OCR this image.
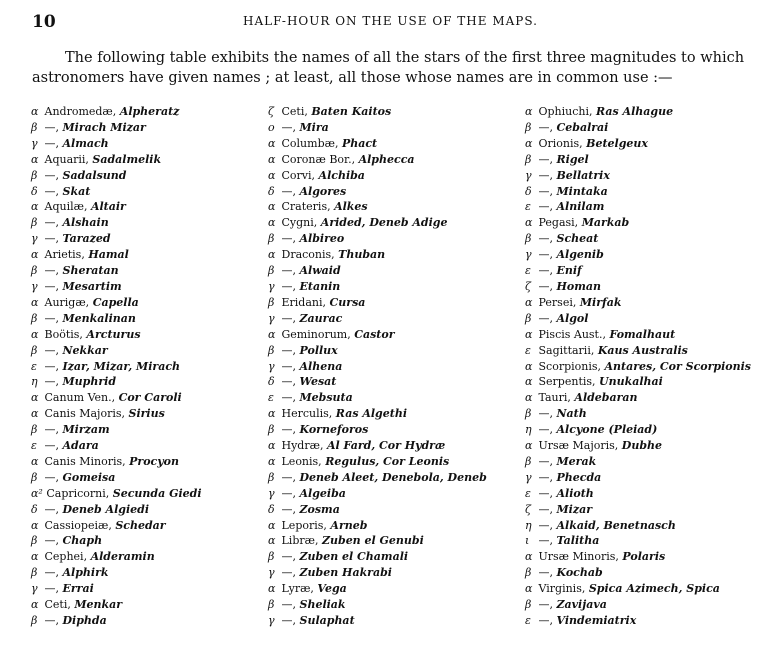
10	HALF-HOUR ON THE USE OF THE MAPS.

The following table exhibits the names of all the stars of the first three magnitudes to which astronomers have given names ; at least, all those whose names are in common use :—

α Andromedæ, Alpheratz
β —, Mirach Mizar
γ —, Almach
α Aquarii, Sadalmelik
β —, Sadalsund
δ —, Skat
α Aquilæ, Altair
β —, Alshain
γ —, Tarazed
α Arietis, Hamal
β —, Sheratan
γ —, Mesartim
α Aurigæ, Capella
β —, Menkalinan
α Boötis, Arcturus
β —, Nekkar
ε —, Izar, Mizar, Mirach
η —, Muphrid
α Canum Ven., Cor Caroli
α Canis Majoris, Sirius
β —, Mirzam
ε —, Adara
α Canis Minoris, Procyon
β —, Gomeisa
α² Capricorni, Secunda Giedi
δ —, Deneb Algiedi
α Cassiopeiæ, Schedar
β —, Chaph
α Cephei, Alderamin
β —, Alphirk
γ —, Errai
α Ceti, Menkar
β —, Diphda
ζ Ceti, Baten Kaitos
ο —, Mira
α Columbæ, Phact
α Coronæ Bor., Alphecca
α Corvi, Alchiba
δ —, Algores
α Crateris, Alkes
α Cygni, Arided, Deneb Adige
β —, Albireo
α Draconis, Thuban
β —, Alwaid
γ —, Etanin
β Eridani, Cursa
γ —, Zaurac
α Geminorum, Castor
β —, Pollux
γ —, Alhena
δ —, Wesat
ε —, Mebsuta
α Herculis, Ras Algethi
β —, Korneforos
α Hydræ, Al Fard, Cor Hydræ
α Leonis, Regulus, Cor Leonis
β —, Deneb Aleet, Denebola, Deneb
γ —, Algeiba
δ —, Zosma
α Leporis, Arneb
α Libræ, Zuben el Genubi
β —, Zuben el Chamali
γ —, Zuben Hakrabi
α Lyræ, Vega
β —, Sheliak
γ —, Sulaphat
α Ophiuchi, Ras Alhague
β —, Cebalrai
α Orionis, Betelgeux
β —, Rigel
γ —, Bellatrix
δ —, Mintaka
ε —, Alnilam
α Pegasi, Markab
β —, Scheat
γ —, Algenib
ε —, Enif
ζ —, Homan
α Persei, Mirfak
β —, Algol
α Piscis Aust., Fomalhaut
ε Sagittarii, Kaus Australis
α Scorpionis, Antares, Cor Scorpionis
α Serpentis, Unukalhai
α Tauri, Aldebaran
β —, Nath
η —, Alcyone (Pleiad)
α Ursæ Majoris, Dubhe
β —, Merak
γ —, Phecda
ε —, Alioth
ζ —, Mizar
η —, Alkaid, Benetnasch
ι —, Talitha
α Ursæ Minoris, Polaris
β —, Kochab
α Virginis, Spica Azimech, Spica
β —, Zavijava
ε —, Vindemiatrix
